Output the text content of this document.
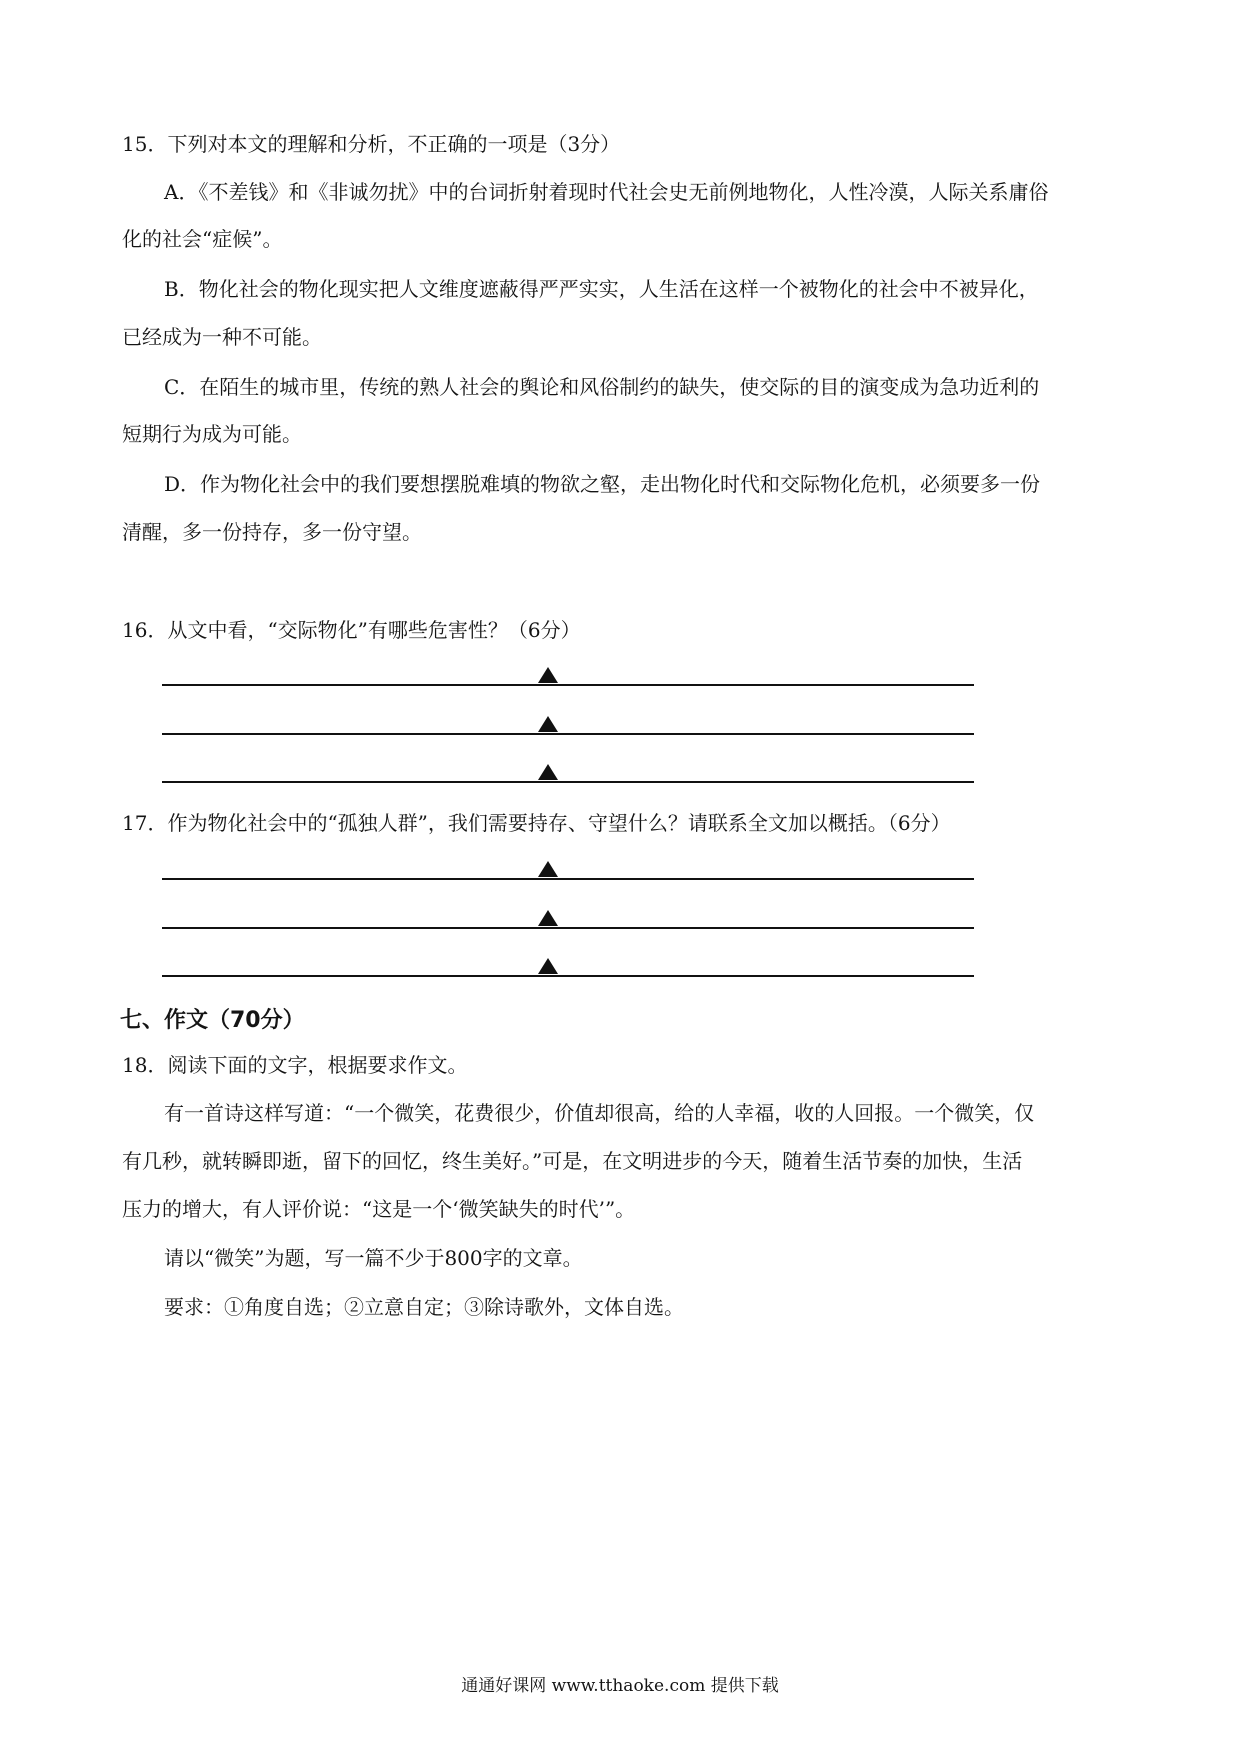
15．下列对本文的理解和分析，不正确的一项是（3分）
A．《不差钱》和《非诚勿扰》中的台词折射着现时代社会史无前例地物化，人性冷漠，人际关系庸俗
化的社会“症候”。
B．物化社会的物化现实把人文维度遮蔽得严严实实，人生活在这样一个被物化的社会中不被异化，
已经成为一种不可能。
C．在陌生的城市里，传统的熟人社会的舆论和风俗制约的缺失，使交际的目的演变成为急功近利的
短期行为成为可能。
D．作为物化社会中的我们要想摆脱难填的物欲之壑，走出物化时代和交际物化危机，必须要多一份
清醒，多一份持存，多一份守望。
16．从文中看，“交际物化”有哪些危害性？（6分）
17．作为物化社会中的“孤独人群”，我们需要持存、守望什么？请联系全文加以概括。（6分）
七、作文（70分）
18．阅读下面的文字，根据要求作文。
有一首诗这样写道：“一个微笑，花费很少，价值却很高，给的人幸福，收的人回报。一个微笑，仅
有几秒，就转瞬即逝，留下的回忆，终生美好。”可是，在文明进步的今天，随着生活节奏的加快，生活
压力的增大，有人评价说：“这是一个‘微笑缺失的时代’”。
请以“微笑”为题，写一篇不少于800字的文章。
要求：①角度自选；②立意自定；③除诗歌外，文体自选。
通通好课网 www.tthaoke.com 提供下载
